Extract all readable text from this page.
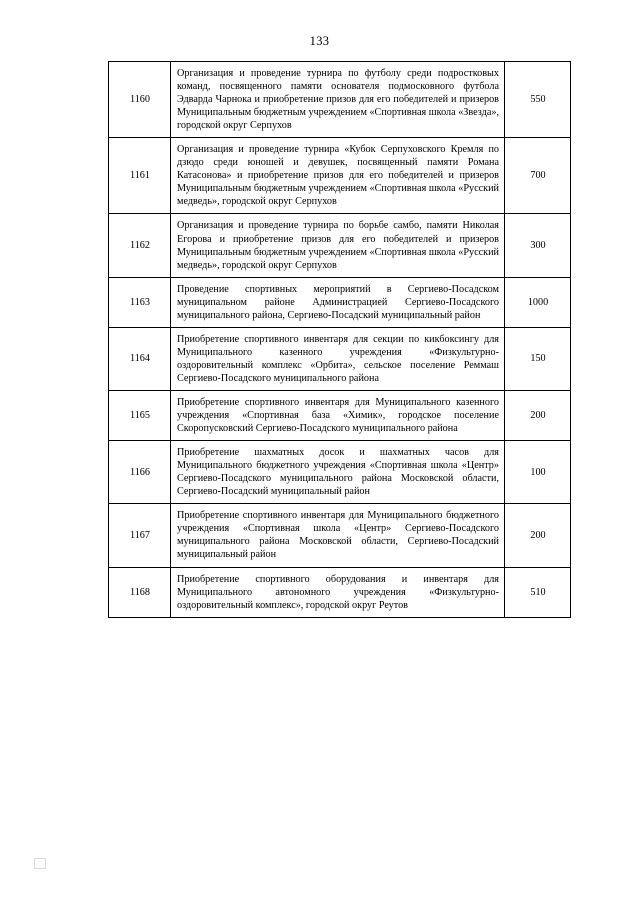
133
1160	Организация и проведение турнира по футболу среди подростковых команд, посвященного памяти основателя подмосковного футбола Эдварда Чарнока и приобретение призов для его победителей и призеров Муниципальным бюджетным учреждением «Спортивная школа «Звезда», городской округ Серпухов	550
1161	Организация и проведение турнира «Кубок Серпуховского Кремля по дзюдо среди юношей и девушек, посвященный памяти Романа Катасонова» и приобретение призов для его победителей и призеров Муниципальным бюджетным учреждением «Спортивная школа «Русский медведь», городской округ Серпухов	700
1162	Организация и проведение турнира по борьбе самбо, памяти Николая Егорова и приобретение призов для его победителей и призеров Муниципальным бюджетным учреждением «Спортивная школа «Русский медведь», городской округ Серпухов	300
1163	Проведение спортивных мероприятий в Сергиево-Посадском муниципальном районе Администрацией Сергиево-Посадского муниципального района, Сергиево-Посадский муниципальный район	1000
1164	Приобретение спортивного инвентаря для секции по кикбоксингу для Муниципального казенного учреждения «Физкультурно-оздоровительный комплекс «Орбита», сельское поселение Реммаш Сергиево-Посадского муниципального района	150
1165	Приобретение спортивного инвентаря для Муниципального казенного учреждения «Спортивная база «Химик», городское поселение Скоропусковский Сергиево-Посадского муниципального района	200
1166	Приобретение шахматных досок и шахматных часов для Муниципального бюджетного учреждения «Спортивная школа «Центр» Сергиево-Посадского муниципального района Московской области, Сергиево-Посадский муниципальный район	100
1167	Приобретение спортивного инвентаря для Муниципального бюджетного учреждения «Спортивная школа «Центр» Сергиево-Посадского муниципального района Московской области, Сергиево-Посадский муниципальный район	200
1168	Приобретение спортивного оборудования и инвентаря для Муниципального автономного учреждения «Физкультурно-оздоровительный комплекс», городской округ Реутов	510
